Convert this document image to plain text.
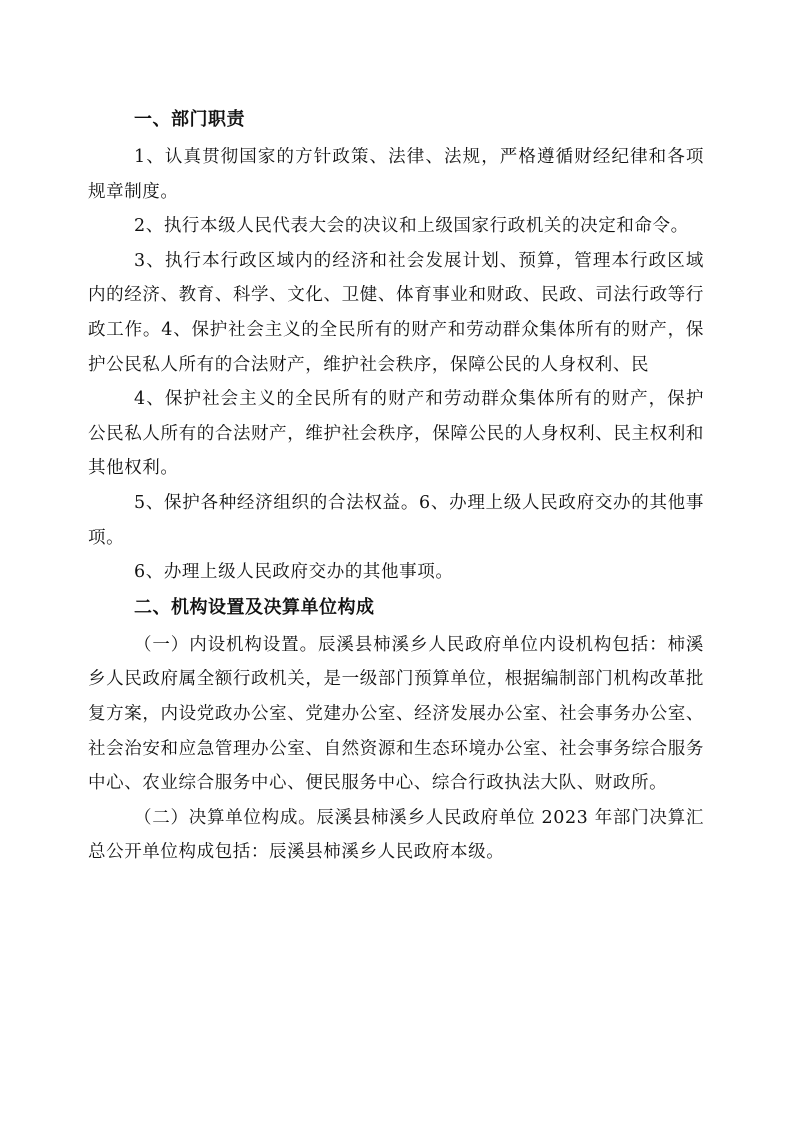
一、部门职责

1、认真贯彻国家的方针政策、法律、法规，严格遵循财经纪律和各项规章制度。

2、执行本级人民代表大会的决议和上级国家行政机关的决定和命令。

3、执行本行政区域内的经济和社会发展计划、预算，管理本行政区域内的经济、教育、科学、文化、卫健、体育事业和财政、民政、司法行政等行政工作。4、保护社会主义的全民所有的财产和劳动群众集体所有的财产，保护公民私人所有的合法财产，维护社会秩序，保障公民的人身权利、民

4、保护社会主义的全民所有的财产和劳动群众集体所有的财产，保护公民私人所有的合法财产，维护社会秩序，保障公民的人身权利、民主权利和其他权利。

5、保护各种经济组织的合法权益。6、办理上级人民政府交办的其他事项。

6、办理上级人民政府交办的其他事项。

二、机构设置及决算单位构成

（一）内设机构设置。辰溪县柿溪乡人民政府单位内设机构包括：柿溪乡人民政府属全额行政机关，是一级部门预算单位，根据编制部门机构改革批复方案，内设党政办公室、党建办公室、经济发展办公室、社会事务办公室、社会治安和应急管理办公室、自然资源和生态环境办公室、社会事务综合服务中心、农业综合服务中心、便民服务中心、综合行政执法大队、财政所。

（二）决算单位构成。辰溪县柿溪乡人民政府单位 2023 年部门决算汇总公开单位构成包括：辰溪县柿溪乡人民政府本级。
